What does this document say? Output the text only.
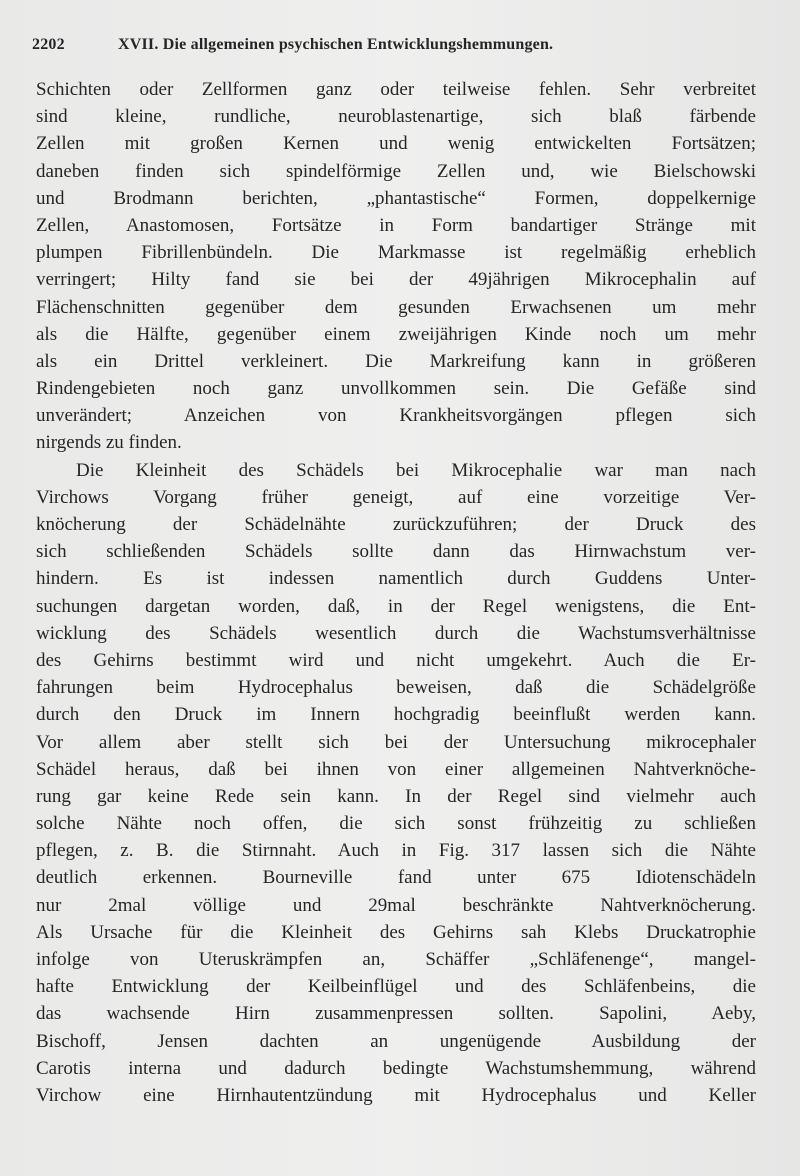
2202	XVII. Die allgemeinen psychischen Entwicklungshemmungen.
Schichten oder Zellformen ganz oder teilweise fehlen. Sehr verbreitet
sind kleine, rundliche, neuroblastenartige, sich blaß färbende
Zellen mit großen Kernen und wenig entwickelten Fortsätzen;
daneben finden sich spindelförmige Zellen und, wie Bielschowski
und Brodmann berichten, „phantastische“ Formen, doppelkernige
Zellen, Anastomosen, Fortsätze in Form bandartiger Stränge mit
plumpen Fibrillenbündeln. Die Markmasse ist regelmäßig erheblich
verringert; Hilty fand sie bei der 49jährigen Mikrocephalin auf
Flächenschnitten gegenüber dem gesunden Erwachsenen um mehr
als die Hälfte, gegenüber einem zweijährigen Kinde noch um mehr
als ein Drittel verkleinert. Die Markreifung kann in größeren
Rindengebieten noch ganz unvollkommen sein. Die Gefäße sind
unverändert; Anzeichen von Krankheitsvorgängen pflegen sich
nirgends zu finden.
Die Kleinheit des Schädels bei Mikrocephalie war man nach
Virchows Vorgang früher geneigt, auf eine vorzeitige Ver-
knöcherung der Schädelnähte zurückzuführen; der Druck des
sich schließenden Schädels sollte dann das Hirnwachstum ver-
hindern. Es ist indessen namentlich durch Guddens Unter-
suchungen dargetan worden, daß, in der Regel wenigstens, die Ent-
wicklung des Schädels wesentlich durch die Wachstumsverhältnisse
des Gehirns bestimmt wird und nicht umgekehrt. Auch die Er-
fahrungen beim Hydrocephalus beweisen, daß die Schädelgröße
durch den Druck im Innern hochgradig beeinflußt werden kann.
Vor allem aber stellt sich bei der Untersuchung mikrocephaler
Schädel heraus, daß bei ihnen von einer allgemeinen Nahtverknöche-
rung gar keine Rede sein kann. In der Regel sind vielmehr auch
solche Nähte noch offen, die sich sonst frühzeitig zu schließen
pflegen, z. B. die Stirnnaht. Auch in Fig. 317 lassen sich die Nähte
deutlich erkennen. Bourneville fand unter 675 Idiotenschädeln
nur 2mal völlige und 29mal beschränkte Nahtverknöcherung.
Als Ursache für die Kleinheit des Gehirns sah Klebs Druckatrophie
infolge von Uteruskrämpfen an, Schäffer „Schläfenenge“, mangel-
hafte Entwicklung der Keilbeinflügel und des Schläfenbeins, die
das wachsende Hirn zusammenpressen sollten. Sapolini, Aeby,
Bischoff, Jensen dachten an ungenügende Ausbildung der
Carotis interna und dadurch bedingte Wachstumshemmung, während
Virchow eine Hirnhautentzündung mit Hydrocephalus und Keller
